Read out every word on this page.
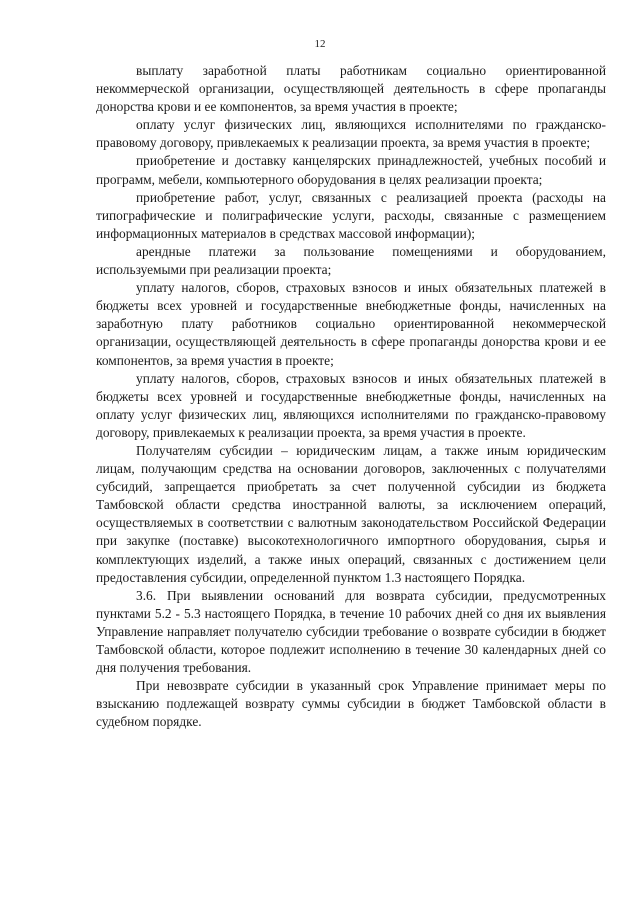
12

выплату заработной платы работникам социально ориентированной некоммерческой организации, осуществляющей деятельность в сфере пропаганды донорства крови и ее компонентов, за время участия в проекте;

оплату услуг физических лиц, являющихся исполнителями по гражданско-правовому договору, привлекаемых к реализации проекта, за время участия в проекте;

приобретение и доставку канцелярских принадлежностей, учебных пособий и программ, мебели, компьютерного оборудования в целях реализации проекта;

приобретение работ, услуг, связанных с реализацией проекта (расходы на типографические и полиграфические услуги, расходы, связанные с размещением информационных материалов в средствах массовой информации);

арендные платежи за пользование помещениями и оборудованием, используемыми при реализации проекта;

уплату налогов, сборов, страховых взносов и иных обязательных платежей в бюджеты всех уровней и государственные внебюджетные фонды, начисленных на заработную плату работников социально ориентированной некоммерческой организации, осуществляющей деятельность в сфере пропаганды донорства крови и ее компонентов, за время участия в проекте;

уплату налогов, сборов, страховых взносов и иных обязательных платежей в бюджеты всех уровней и государственные внебюджетные фонды, начисленных на оплату услуг физических лиц, являющихся исполнителями по гражданско-правовому договору, привлекаемых к реализации проекта, за время участия в проекте.

Получателям субсидии – юридическим лицам, а также иным юридическим лицам, получающим средства на основании договоров, заключенных с получателями субсидий, запрещается приобретать за счет полученной субсидии из бюджета Тамбовской области средства иностранной валюты, за исключением операций, осуществляемых в соответствии с валютным законодательством Российской Федерации при закупке (поставке) высокотехнологичного импортного оборудования, сырья и комплектующих изделий, а также иных операций, связанных с достижением цели предоставления субсидии, определенной пунктом 1.3 настоящего Порядка.

3.6. При выявлении оснований для возврата субсидии, предусмотренных пунктами 5.2 - 5.3 настоящего Порядка, в течение 10 рабочих дней со дня их выявления Управление направляет получателю субсидии требование о возврате субсидии в бюджет Тамбовской области, которое подлежит исполнению в течение 30 календарных дней со дня получения требования.

При невозврате субсидии в указанный срок Управление принимает меры по взысканию подлежащей возврату суммы субсидии в бюджет Тамбовской области в судебном порядке.
